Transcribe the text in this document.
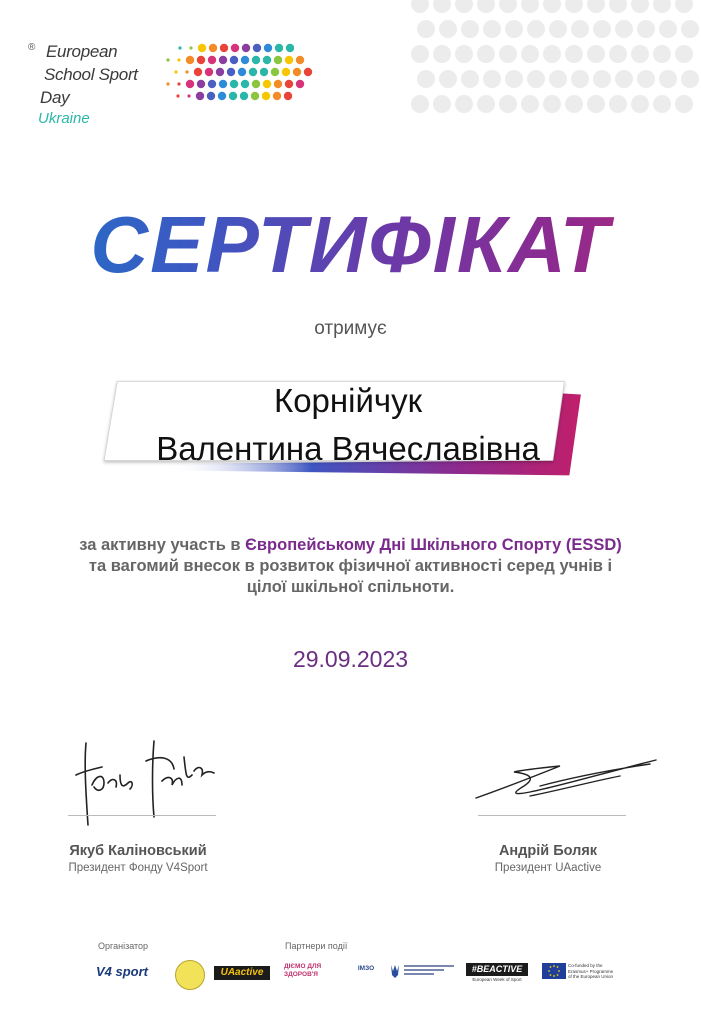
® European
School Sport
Day
Ukraine
СЕРТИФІКАТ
отримує
Корнійчук
Валентина Вячеславівна
за активну участь в Європейському Дні Шкільного Спорту (ESSD)
та вагомий внесок в розвиток фізичної активності серед учнів і
цілої шкільної спільноти.
29.09.2023
Якуб Каліновський
Президент Фонду V4Sport
Андрій Боляк
Президент UAactive
Організатор	Партнери події
V4 sport	UAactive
ДІЄМО ДЛЯ ЗДОРОВ'Я
ІМЗО	#BEACTIVE
European Week of Sport
Co-funded by the Erasmus+ Programme of the European Union
